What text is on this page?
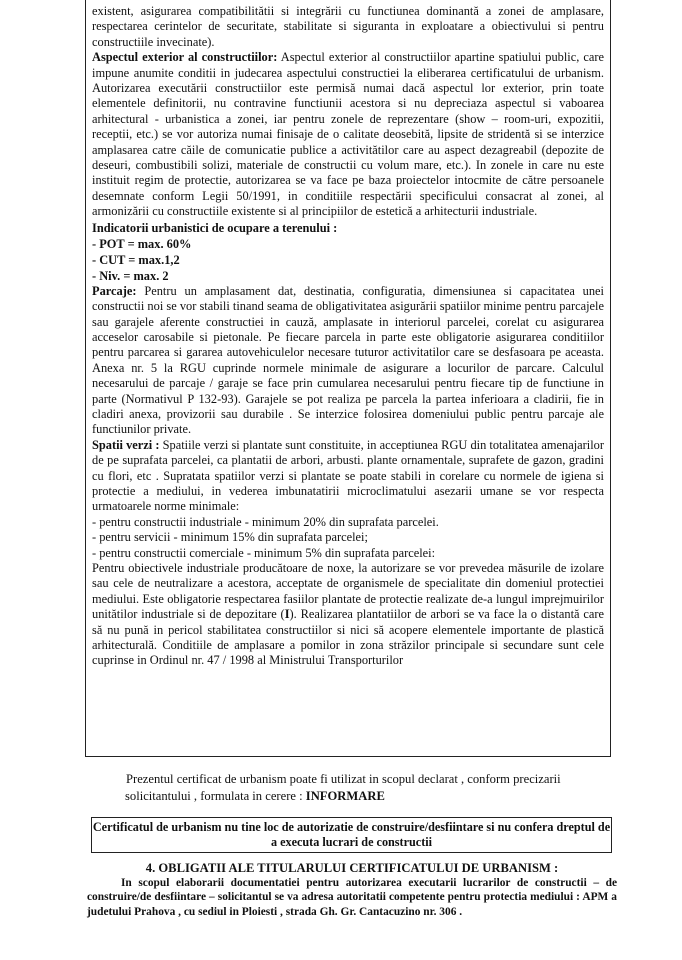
existent, asigurarea compatibilitătii si integrării cu functiunea dominantă a zonei de amplasare, respectarea cerintelor de securitate, stabilitate si siguranta in exploatare a obiectivului si pentru constructiile invecinate).

Aspectul exterior al constructiilor: Aspectul exterior al constructiilor apartine spatiului public, care impune anumite conditii in judecarea aspectului constructiei la eliberarea certificatului de urbanism. Autorizarea executării constructiilor este permisă numai dacă aspectul lor exterior, prin toate elementele definitorii, nu contravine functiunii acestora si nu depreciaza aspectul si vaboarea arhitectural - urbanistica a zonei, iar pentru zonele de reprezentare (show – room-uri, expozitii, receptii, etc.) se vor autoriza numai finisaje de o calitate deosebită, lipsite de stridentă si se interzice amplasarea catre căile de comunicatie publice a activitătilor care au aspect dezagreabil (depozite de deseuri, combustibili solizi, materiale de constructii cu volum mare, etc.). In zonele in care nu este instituit regim de protectie, autorizarea se va face pe baza proiectelor intocmite de către persoanele desemnate conform Legii 50/1991, in conditiile respectării specificului consacrat al zonei, al armonizării cu constructiile existente si al principiilor de estetică a arhitecturii industriale.

Indicatorii urbanistici de ocupare a terenului :

- POT = max. 60%

- CUT = max.1,2

- Niv. = max. 2

Parcaje: Pentru un amplasament dat, destinatia, configuratia, dimensiunea si capacitatea unei constructii noi se vor stabili tinand seama de obligativitatea asigurării spatiilor minime pentru parcajele sau garajele aferente constructiei in cauză, amplasate in interiorul parcelei, corelat cu asigurarea acceselor carosabile si pietonale. Pe fiecare parcela in parte este obligatorie asigurarea conditiilor pentru parcarea si gararea autovehiculelor necesare tuturor activitatilor care se desfasoara pe aceasta. Anexa nr. 5 la RGU cuprinde normele minimale de asigurare a locurilor de parcare. Calculul necesarului de parcaje / garaje se face prin cumularea necesarului pentru fiecare tip de functiune in parte (Normativul P 132-93). Garajele se pot realiza pe parcela la partea inferioara a cladirii, fie in cladiri anexa, provizorii sau durabile . Se interzice folosirea domeniului public pentru parcaje ale functiunilor private.

Spatii verzi : Spatiile verzi si plantate sunt constituite, in acceptiunea RGU din totalitatea amenajarilor de pe suprafata parcelei, ca plantatii de arbori, arbusti. plante ornamentale, suprafete de gazon, gradini cu flori, etc . Supratata spatiilor verzi si plantate se poate stabili in corelare cu normele de igiena si protectie a mediului, in vederea imbunatatirii microclimatului asezarii umane se vor respecta urmatoarele norme minimale:

- pentru constructii industriale - minimum 20% din suprafata parcelei.

- pentru servicii - minimum 15% din suprafata parcelei;

- pentru constructii comerciale - minimum 5% din suprafata parcelei:

Pentru obiectivele industriale producătoare de noxe, la autorizare se vor prevedea măsurile de izolare sau cele de neutralizare a acestora, acceptate de organismele de specialitate din domeniul protectiei mediului. Este obligatorie respectarea fasiilor plantate de protectie realizate de-a lungul imprejmuirilor unitătilor industriale si de depozitare (I). Realizarea plantatiilor de arbori se va face la o distantă care să nu pună in pericol stabilitatea constructiilor si nici să acopere elementele importante de plastică arhitecturală. Conditiile de amplasare a pomilor in zona străzilor principale si secundare sunt cele cuprinse in Ordinul nr. 47 / 1998 al Ministrului Transporturilor

Prezentul certificat de urbanism poate fi utilizat in scopul declarat , conform precizarii solicitantului , formulata in cerere : INFORMARE
Certificatul de urbanism nu tine loc de autorizatie de construire/desfiintare si nu confera dreptul de a executa lucrari de constructii
4. OBLIGATII ALE TITULARULUI CERTIFICATULUI DE URBANISM :

In scopul elaborarii documentatiei pentru autorizarea executarii lucrarilor de constructii – de construire/de desfiintare – solicitantul se va adresa autoritatii competente pentru protectia mediului : APM a judetului Prahova , cu sediul in Ploiesti , strada Gh. Gr. Cantacuzino nr. 306 .
